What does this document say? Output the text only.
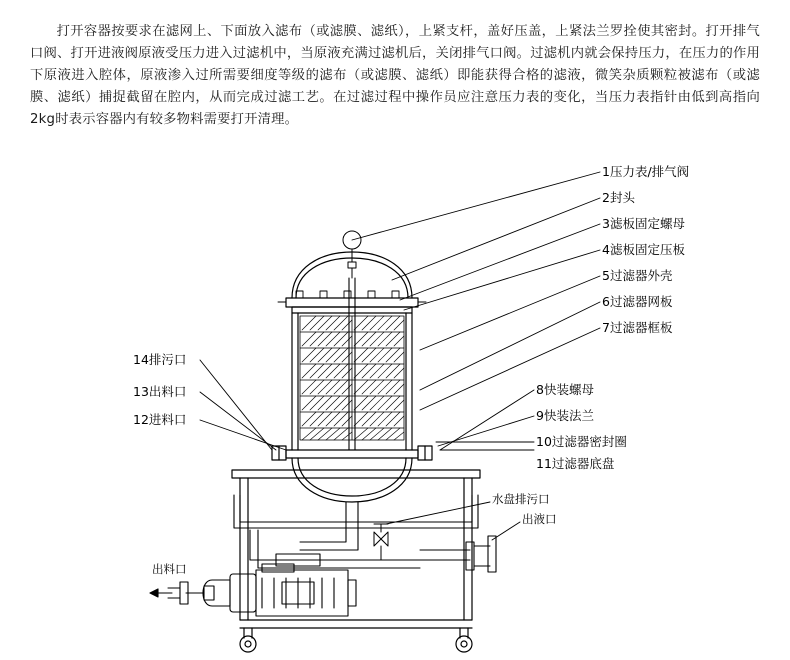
打开容器按要求在滤网上、下面放入滤布（或滤膜、滤纸），上紧支杆，盖好压盖，上紧法兰罗拴使其密封。打开排气口阀、打开进液阀原液受压力进入过滤机中，当原液充满过滤机后，关闭排气口阀。过滤机内就会保持压力，在压力的作用下原液进入腔体，原液渗入过所需要细度等级的滤布（或滤膜、滤纸）即能获得合格的滤液，微笑杂质颗粒被滤布（或滤膜、滤纸）捕捉截留在腔内，从而完成过滤工艺。在过滤过程中操作员应注意压力表的变化，当压力表指针由低到高指向2kg时表示容器内有较多物料需要打开清理。

1压力表/排气阀
2封头
3滤板固定螺母
4滤板固定压板
5过滤器外壳
6过滤器网板
7过滤器框板
8快装螺母
9快装法兰
10过滤器密封圈
11过滤器底盘
14排污口
13出料口
12进料口
水盘排污口
出液口
出料口
